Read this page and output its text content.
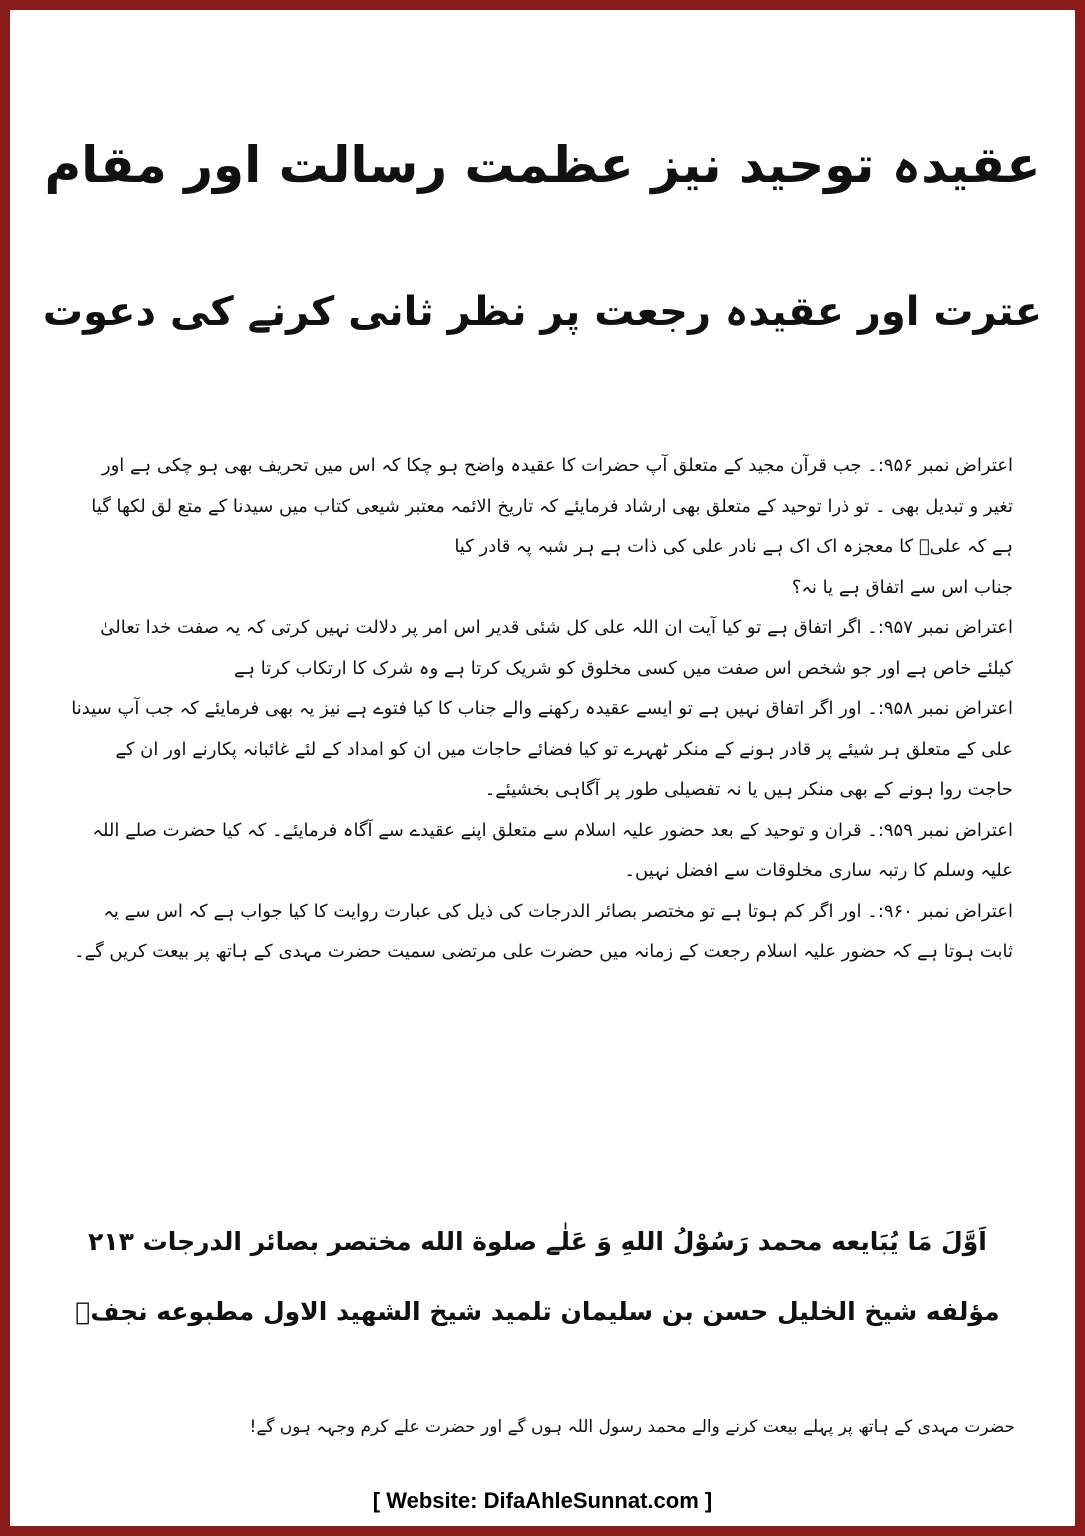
عقیدہ توحید نیز عظمت رسالت اور مقام
عترت اور عقیدہ رجعت پر نظر ثانی کرنے کی دعوت

اعتراض نمبر ۹۵۶:۔ جب قرآن مجید کے متعلق آپ حضرات کا عقیدہ واضح ہو چکا کہ اس میں تحریف بھی ہو چکی ہے اور تغیر و تبدیل بھی ۔ تو ذرا توحید کے متعلق بھی ارشاد فرمایئے کہ تاریخ الائمہ معتبر شیعی کتاب میں سیدنا کے متع لق لکھا گیا ہے کہ علیؓ کا معجزہ اک اک ہے نادر علی کی ذات ہے ہر شبہ پہ قادر کیا

جناب اس سے اتفاق ہے یا نہ؟

اعتراض نمبر ۹۵۷:۔ اگر اتفاق ہے تو کیا آیت ان اللہ علی کل شئی قدیر اس امر پر دلالت نہیں کرتی کہ یہ صفت خدا تعالیٰ کیلئے خاص ہے اور جو شخص اس صفت میں کسی مخلوق کو شریک کرتا ہے وہ شرک کا ارتکاب کرتا ہے

اعتراض نمبر ۹۵۸:۔ اور اگر اتفاق نہیں ہے تو ایسے عقیدہ رکھنے والے جناب کا کیا فتوے ہے نیز یہ بھی فرمایئے کہ جب آپ سیدنا علی کے متعلق ہر شیئے پر قادر ہونے کے منکر ٹھہرے تو کیا فضائے حاجات میں ان کو امداد کے لئے غائبانہ پکارنے اور ان کے حاجت روا ہونے کے بھی منکر ہیں یا نہ تفصیلی طور پر آگاہی بخشیئے۔

اعتراض نمبر ۹۵۹:۔ قران و توحید کے بعد حضور علیہ اسلام سے متعلق اپنے عقیدے سے آگاہ فرمایئے۔ کہ کیا حضرت صلے اللہ علیہ وسلم کا رتبہ ساری مخلوقات سے افضل نہیں۔

اعتراض نمبر ۹۶۰:۔ اور اگر کم ہوتا ہے تو مختصر بصائر الدرجات کی ذیل کی عبارت روایت کا کیا جواب ہے کہ اس سے یہ ثابت ہوتا ہے کہ حضور علیہ اسلام رجعت کے زمانہ میں حضرت علی مرتضی سمیت حضرت مہدی کے ہاتھ پر بیعت کریں گے۔

اَوَّلَ مَا يُبَايعه محمد رَسُوْلُ اللهِ وَ عَلٰے صلوة الله مختصر بصائر الدرجات ۲۱۳
مؤلفه شيخ الخليل حسن بن سليمان تلميد شيخ الشهيد الاول مطبوعه نجفؔ
حضرت مہدی کے ہاتھ پر پہلے بیعت کرنے والے محمد رسول اللہ ہوں گے اور حضرت علے کرم وجہہ ہوں گے!
[ Website: DifaAhleSunnat.com ]
